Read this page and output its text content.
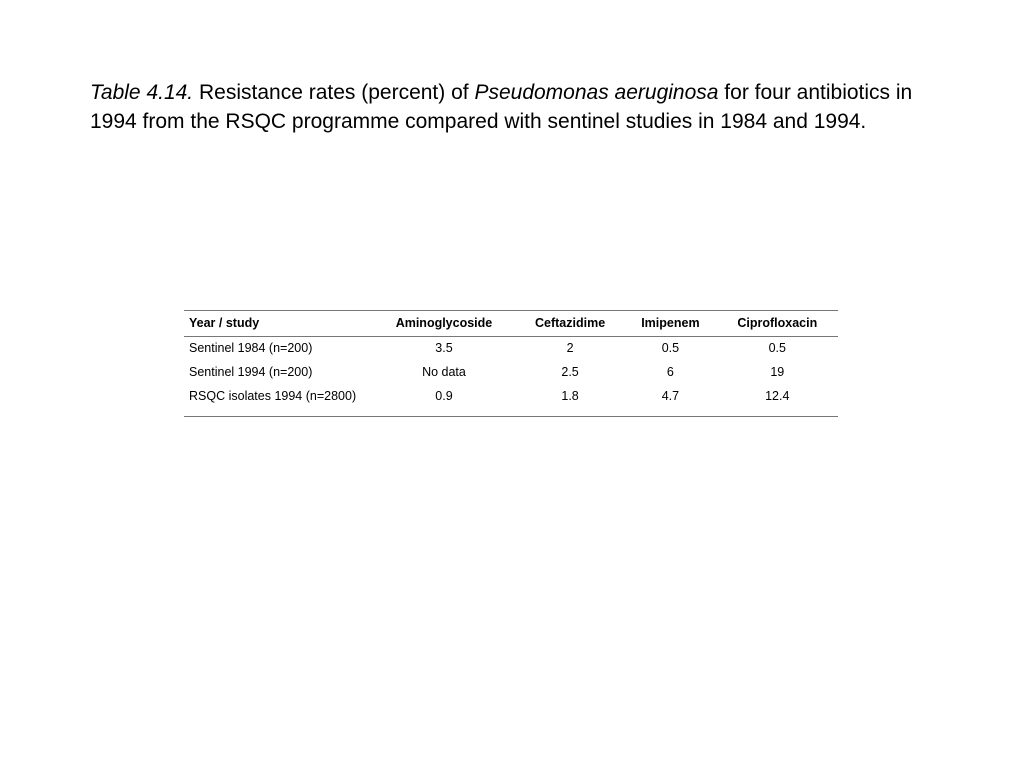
Table 4.14. Resistance rates (percent) of Pseudomonas aeruginosa for four antibiotics in 1994 from the RSQC programme compared with sentinel studies in 1984 and 1994.
Year / study	Aminoglycoside	Ceftazidime	Imipenem	Ciprofloxacin
Sentinel 1984 (n=200)	3.5	2	0.5	0.5
Sentinel 1994 (n=200)	No data	2.5	6	19
RSQC isolates 1994 (n=2800)	0.9	1.8	4.7	12.4
